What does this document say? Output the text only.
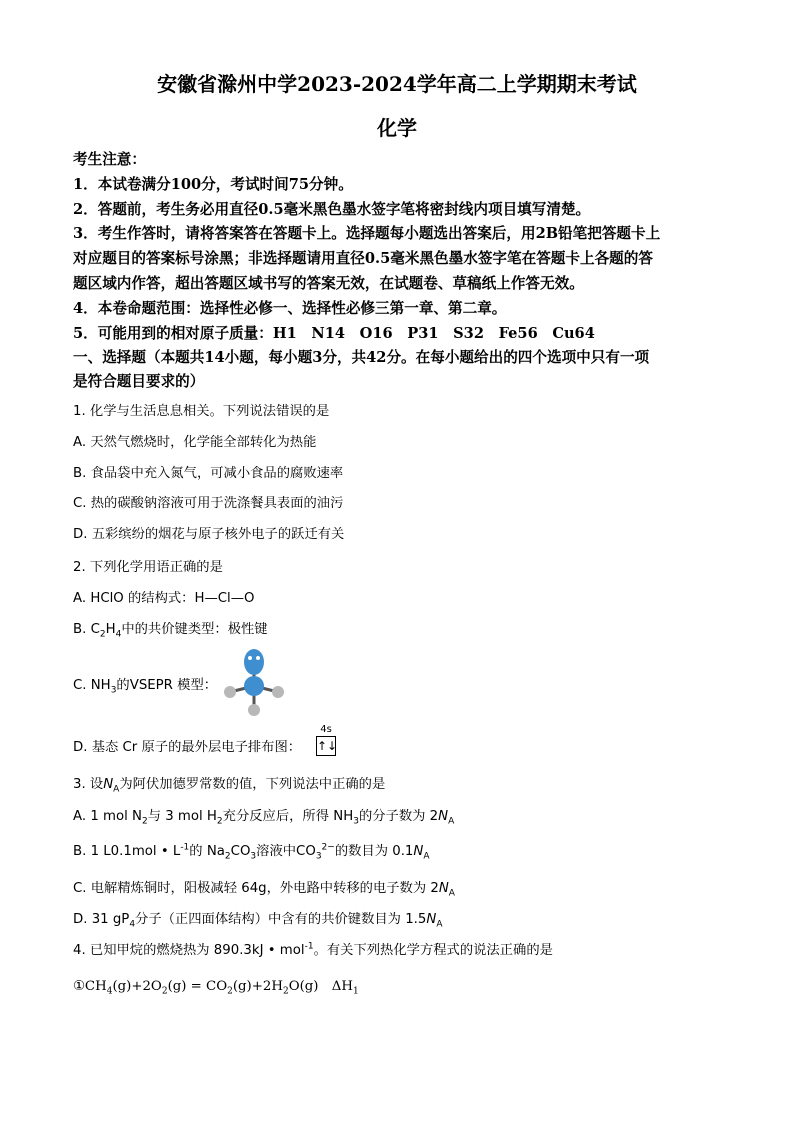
安徽省滁州中学2023-2024学年高二上学期期末考试
化学
考生注意：
1．本试卷满分100分，考试时间75分钟。
2．答题前，考生务必用直径0.5毫米黑色墨水签字笔将密封线内项目填写清楚。
3．考生作答时，请将答案答在答题卡上。选择题每小题选出答案后，用2B铅笔把答题卡上
对应题目的答案标号涂黑；非选择题请用直径0.5毫米黑色墨水签字笔在答题卡上各题的答
题区域内作答，超出答题区域书写的答案无效，在试题卷、草稿纸上作答无效。
4．本卷命题范围：选择性必修一、选择性必修三第一章、第二章。
5．可能用到的相对原子质量：H1　N14　O16　P31　S32　Fe56　Cu64
一、选择题（本题共14小题，每小题3分，共42分。在每小题给出的四个选项中只有一项
是符合题目要求的）
1. 化学与生活息息相关。下列说法错误的是
A. 天然气燃烧时，化学能全部转化为热能
B. 食品袋中充入氮气，可减小食品的腐败速率
C. 热的碳酸钠溶液可用于洗涤餐具表面的油污
D. 五彩缤纷的烟花与原子核外电子的跃迁有关
2. 下列化学用语正确的是
A. HClO 的结构式：H—Cl—O
B. $C_2H_4$中的共价键类型：极性键
C. $NH_3$的VSEPR 模型：
D. 基态 Cr 原子的最外层电子排布图：
4s
↑↓
3. 设$N_A$为阿伏加德罗常数的值，下列说法中正确的是
A. 1 mol $N_2$与 3 mol $H_2$充分反应后，所得 $NH_3$的分子数为 $2N_A$
B. 1 L0.1mol • $L^{-1}$的 $Na_2CO_3$溶液中$CO_3^{2-}$的数目为 $0.1N_A$
C. 电解精炼铜时，阳极减轻 64g，外电路中转移的电子数为 $2N_A$
D. 31 $gP_4$分子（正四面体结构）中含有的共价键数目为 $1.5N_A$
4. 已知甲烷的燃烧热为 890.3kJ • mol$^{-1}$。有关下列热化学方程式的说法正确的是
$①CH_4(g)+2O_2(g) = CO_2(g)+2H_2O(g)$　$\Delta H_1$
